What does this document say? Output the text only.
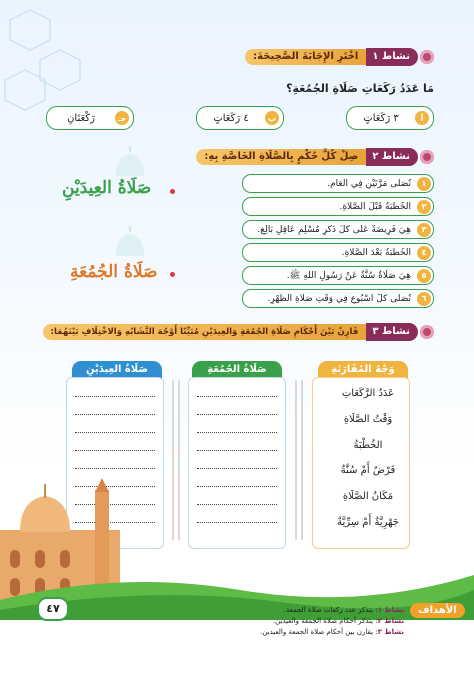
نشاط ١
اخْتَرِ الإِجَابَةَ الصَّحِيحَةَ:
مَا عَدَدُ رَكَعَاتِ صَلَاةِ الجُمُعَةِ؟
أ
٣ رَكَعَاتٍ
ب
٤ رَكَعَاتٍ
جـ
رَكْعَتَانِ
نشاط ٢
صِلْ كُلَّ حُكْمٍ بِالصَّلَاةِ الخَاصَّةِ بِهِ:
صَلَاةُ العِيدَيْنِ
صَلَاةُ الجُمُعَةِ
١
تُصَلَّى مَرَّتَيْنِ فِي العَامِ.
٢
الخُطْبَةُ قَبْلَ الصَّلَاةِ.
٣
هِيَ فَرِيضَةٌ عَلَى كُلِّ ذَكَرٍ مُسْلِمٍ عَاقِلٍ بَالِغٍ.
٤
الخُطْبَةُ بَعْدَ الصَّلَاةِ.
٥
هِيَ صَلَاةٌ سُنَّةٌ عَنْ رَسُولِ اللهِ ﷺ.
٦
تُصَلَّى كُلَّ أُسْبُوعٍ فِي وَقْتِ صَلَاةِ الظُّهْرِ.
نشاط ٣
قَارِنْ بَيْنَ أَحْكَامِ صَلَاةِ الجُمُعَةِ وَالعِيدَيْنِ مُبَيِّنًا أَوْجُهَ التَّشَابُهِ وَالاخْتِلَافِ بَيْنَهُمَا:
وَجْهُ المُقَارَنَةِ
صَلَاةُ الجُمُعَةِ
صَلَاةُ العِيدَيْنِ
عَدَدُ الرَّكَعَاتِ
وَقْتُ الصَّلَاةِ
الخُطْبَةُ
فَرْضٌ أَمْ سُنَّةٌ
مَكَانُ الصَّلَاةِ
جَهْرِيَّةٌ أَمْ سِرِّيَّةٌ
٤٧	الأهداف
نشاط ١: يتذكر عدد ركعات صلاة الجمعة.
نشاط ٢: يتذكر أحكام صلاة الجمعة والعيدين.
نشاط ٣: يقارن بين أحكام صلاة الجمعة والعيدين.
